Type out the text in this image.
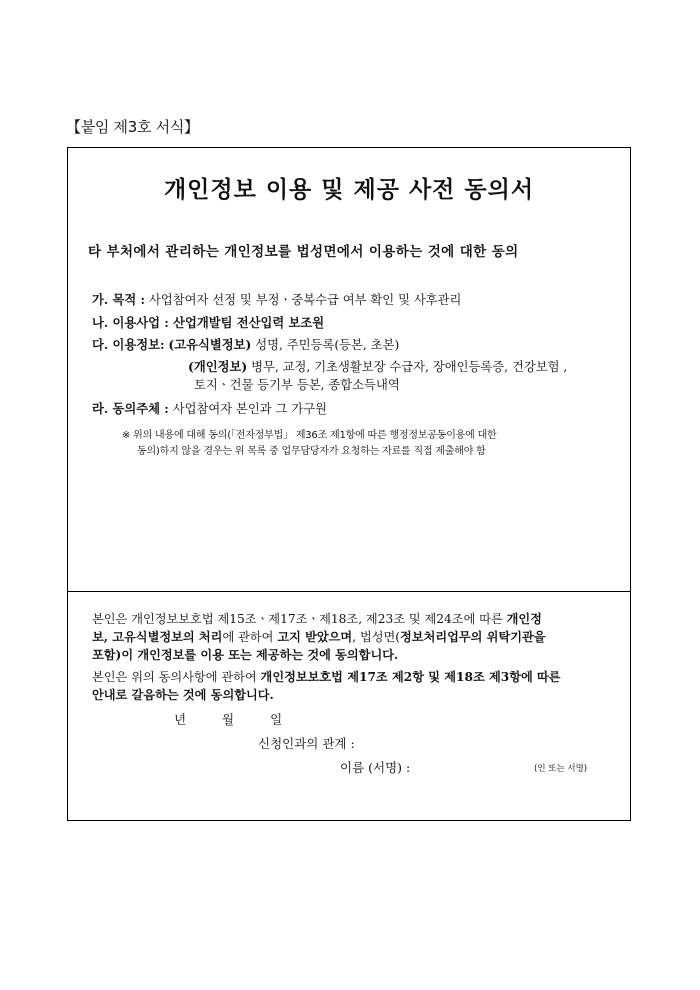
【붙임 제3호 서식】
개인정보 이용 및 제공 사전 동의서
타 부처에서 관리하는 개인정보를 법성면에서 이용하는 것에 대한 동의
가. 목적 : 사업참여자 선정 및 부정ㆍ중복수급 여부 확인 및 사후관리
나. 이용사업 : 산업개발팀 전산입력 보조원
다. 이용정보: (고유식별정보) 성명, 주민등록(등본, 초본)
(개인정보) 병무, 교정, 기초생활보장 수급자, 장애인등록증, 건강보험 ,
토지ㆍ건물 등기부 등본, 종합소득내역
라. 동의주체 : 사업참여자 본인과 그 가구원
※ 위의 내용에 대해 동의(「전자정부법」 제36조 제1항에 따른 행정정보공동이용에 대한
동의)하지 않을 경우는 위 목록 중 업무담당자가 요청하는 자료를 직접 제출해야 함
본인은 개인정보보호법 제15조ㆍ제17조ㆍ제18조, 제23조 및 제24조에 따른 개인정
보, 고유식별정보의 처리에 관하여 고지 받았으며, 법성면(정보처리업무의 위탁기관을
포함)이 개인정보를 이용 또는 제공하는 것에 동의합니다.
본인은 위의 동의사항에 관하여 개인정보보호법 제17조 제2항 및 제18조 제3항에 따른
안내로 갈음하는 것에 동의합니다.
년 월 일
신청인과의 관계 :
이름 (서명) :	(인 또는 서명)
